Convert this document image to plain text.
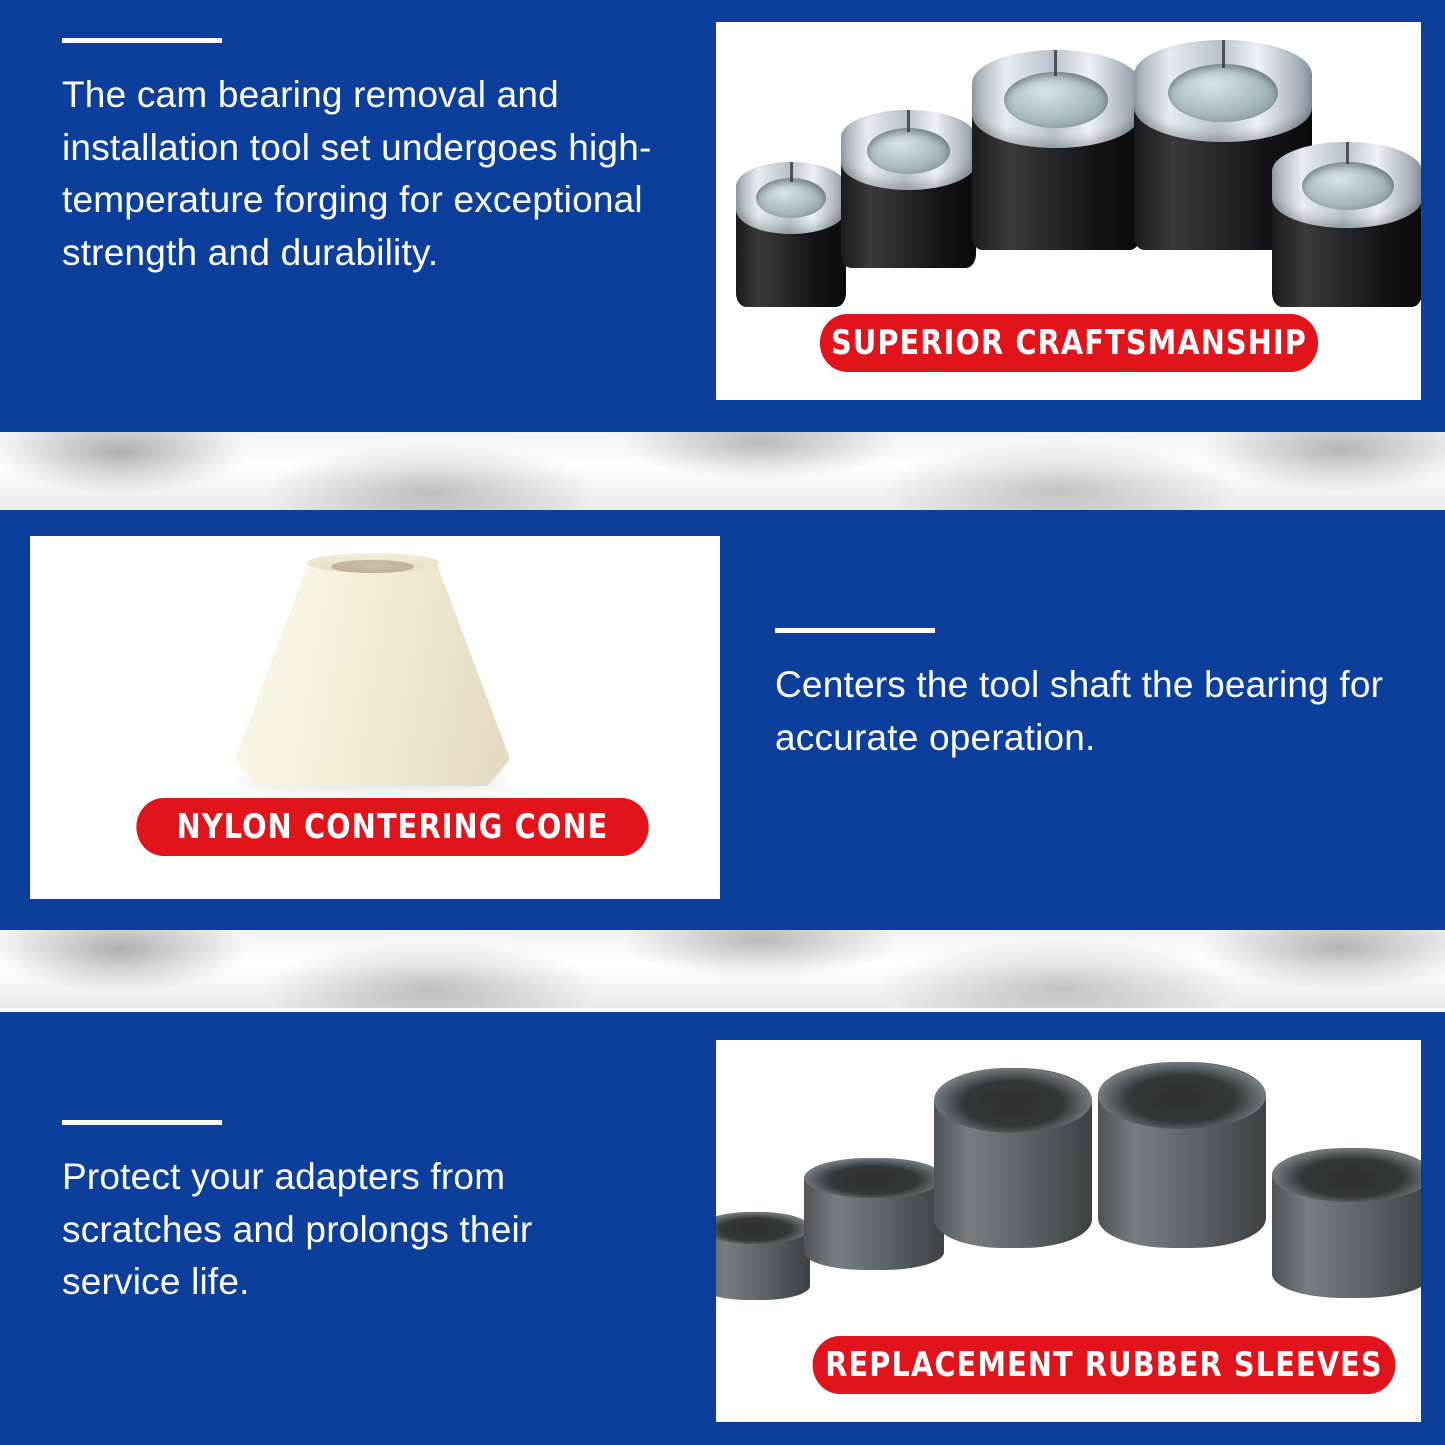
The cam bearing removal and installation tool set undergoes high-temperature forging for exceptional strength and durability.
SUPERIOR CRAFTSMANSHIP
NYLON CONTERING CONE
Centers the tool shaft the bearing for accurate operation.
Protect your adapters from scratches and prolongs their service life.
REPLACEMENT RUBBER SLEEVES
